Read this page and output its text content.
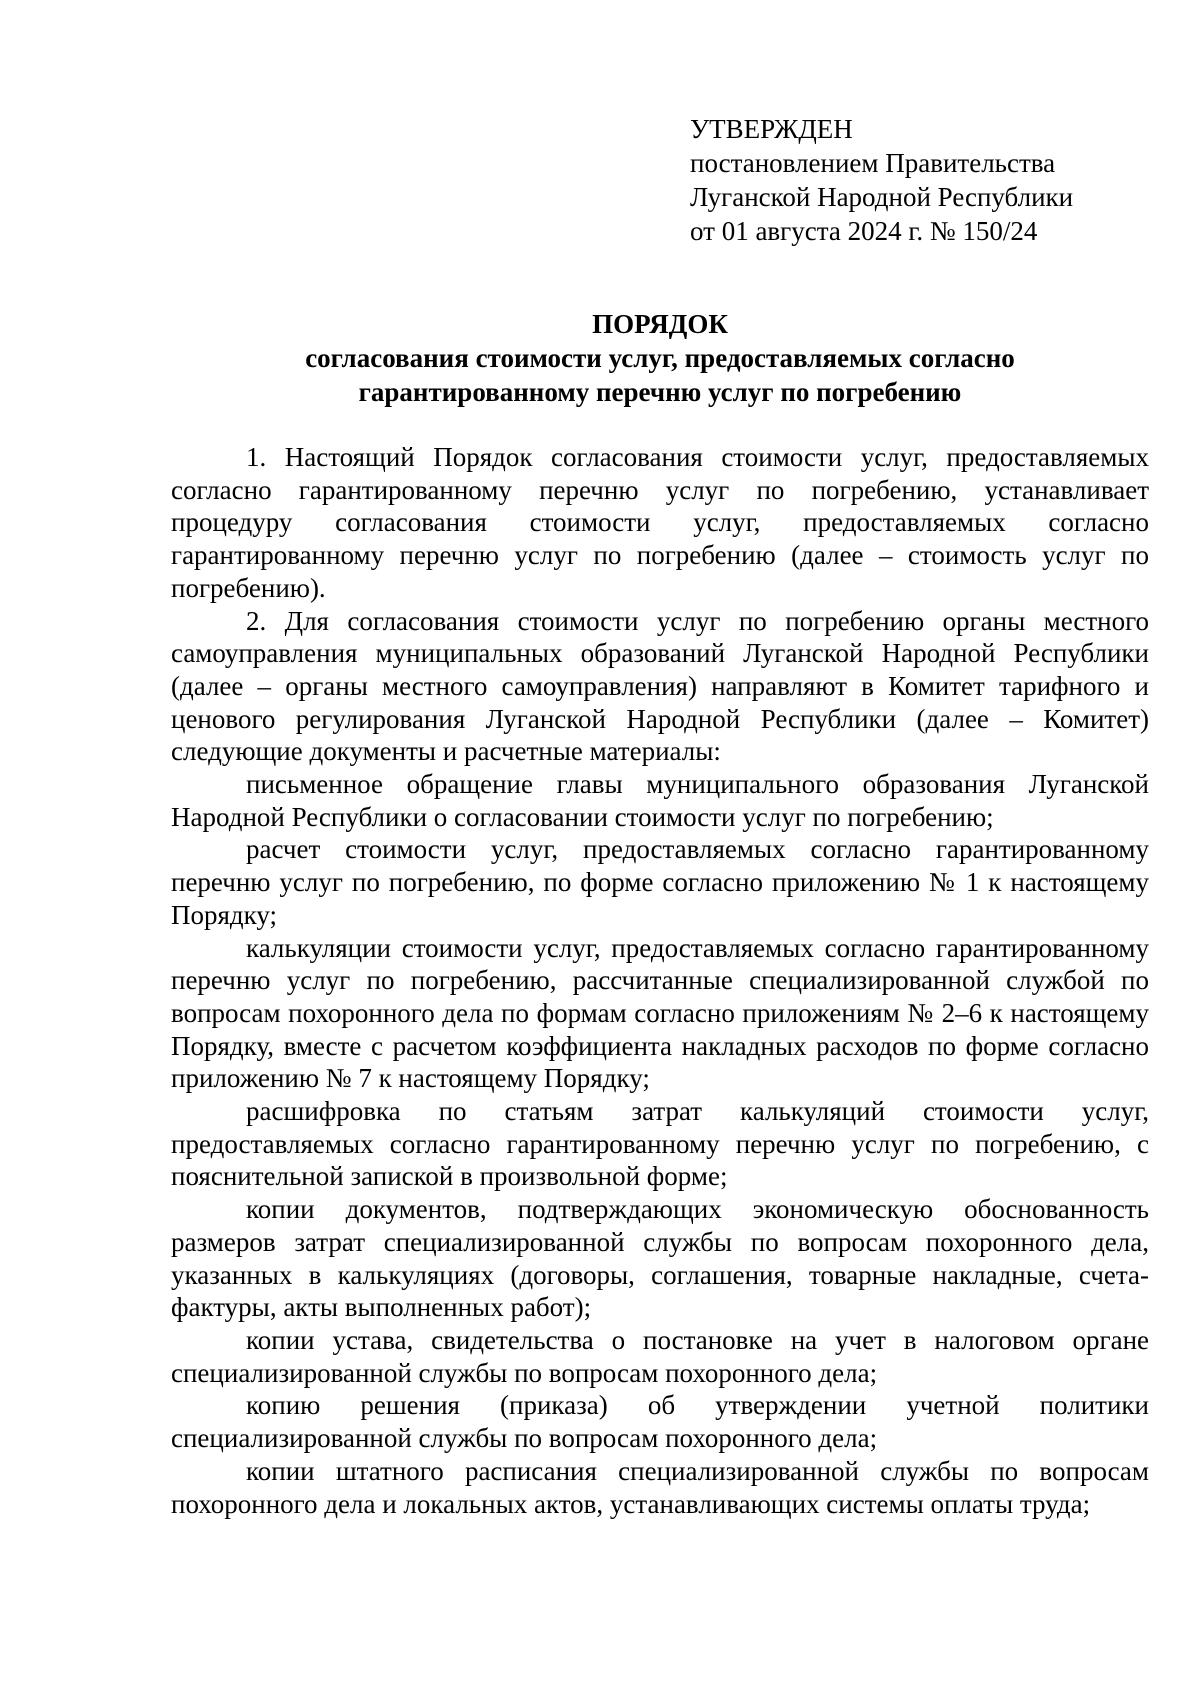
УТВЕРЖДЕН
постановлением Правительства
Луганской Народной Республики
от 01 августа 2024 г. № 150/24
ПОРЯДОК
согласования стоимости услуг, предоставляемых согласно
гарантированному перечню услуг по погребению

1. Настоящий Порядок согласования стоимости услуг, предоставляемых согласно гарантированному перечню услуг по погребению, устанавливает процедуру согласования стоимости услуг, предоставляемых согласно гарантированному перечню услуг по погребению (далее – стоимость услуг по погребению).

2. Для согласования стоимости услуг по погребению органы местного самоуправления муниципальных образований Луганской Народной Республики (далее – органы местного самоуправления) направляют в Комитет тарифного и ценового регулирования Луганской Народной Республики (далее – Комитет) следующие документы и расчетные материалы:

письменное обращение главы муниципального образования Луганской Народной Республики о согласовании стоимости услуг по погребению;

расчет стоимости услуг, предоставляемых согласно гарантированному перечню услуг по погребению, по форме согласно приложению № 1 к настоящему Порядку;

калькуляции стоимости услуг, предоставляемых согласно гарантированному перечню услуг по погребению, рассчитанные специализированной службой по вопросам похоронного дела по формам согласно приложениям № 2–6 к настоящему Порядку, вместе с расчетом коэффициента накладных расходов по форме согласно приложению № 7 к настоящему Порядку;

расшифровка по статьям затрат калькуляций стоимости услуг, предоставляемых согласно гарантированному перечню услуг по погребению, с пояснительной запиской в произвольной форме;

копии документов, подтверждающих экономическую обоснованность размеров затрат специализированной службы по вопросам похоронного дела, указанных в калькуляциях (договоры, соглашения, товарные накладные, счета-фактуры, акты выполненных работ);

копии устава, свидетельства о постановке на учет в налоговом органе специализированной службы по вопросам похоронного дела;

копию решения (приказа) об утверждении учетной политики специализированной службы по вопросам похоронного дела;

копии штатного расписания специализированной службы по вопросам похоронного дела и локальных актов, устанавливающих системы оплаты труда;
